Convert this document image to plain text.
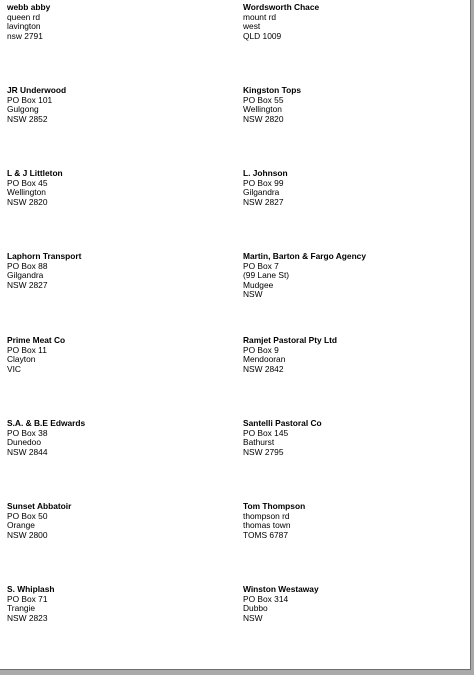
webb abby
queen rd
lavington
nsw 2791
Wordsworth Chace
mount rd
west
QLD 1009
JR Underwood
PO Box 101
Gulgong
NSW 2852
Kingston Tops
PO Box 55
Wellington
NSW 2820
L & J Littleton
PO Box 45
Wellington
NSW 2820
L. Johnson
PO Box 99
Gilgandra
NSW 2827
Laphorn Transport
PO Box 88
Gilgandra
NSW 2827
Martin, Barton & Fargo Agency
PO Box 7
(99 Lane St)
Mudgee
NSW
Prime Meat Co
PO Box 11
Clayton
VIC
Ramjet Pastoral Pty Ltd
PO Box 9
Mendooran
NSW 2842
S.A. & B.E Edwards
PO Box 38
Dunedoo
NSW 2844
Santelli Pastoral Co
PO Box 145
Bathurst
NSW 2795
Sunset Abbatoir
PO Box 50
Orange
NSW 2800
Tom Thompson
thompson rd
thomas town
TOMS 6787
S. Whiplash
PO Box 71
Trangie
NSW 2823
Winston Westaway
PO Box 314
Dubbo
NSW
